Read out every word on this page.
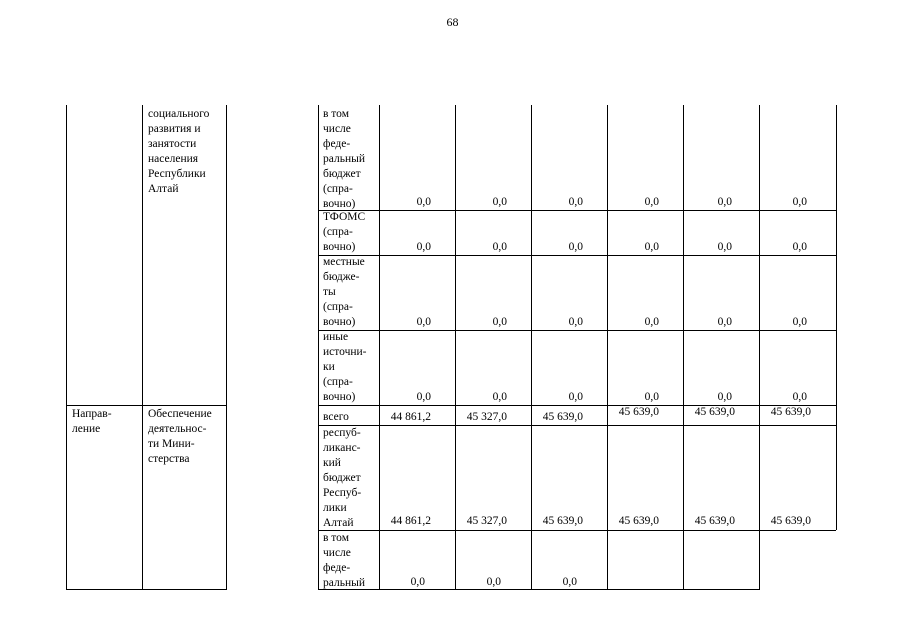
68
социального
развития и
занятости
населения
Республики
Алтай
Направ-
ление
Обеспечение
деятельнос-
ти Мини-
стерства
в том
числе
феде-
ральный
бюджет
(спра-
вочно)	0,0	0,0	0,0	0,0	0,0	0,0
ТФОМС
(спра-
вочно)	0,0	0,0	0,0	0,0	0,0	0,0
местные
бюдже-
ты
(спра-
вочно)	0,0	0,0	0,0	0,0	0,0	0,0
иные
источни-
ки
(спра-
вочно)	0,0	0,0	0,0	0,0	0,0	0,0
всего	44 861,2	45 327,0	45 639,0	45 639,0	45 639,0	45 639,0
респуб-
ликанс-
кий
бюджет
Респуб-
лики
Алтай	44 861,2	45 327,0	45 639,0	45 639,0	45 639,0	45 639,0
в том
числе
феде-
ральный	0,0	0,0	0,0
